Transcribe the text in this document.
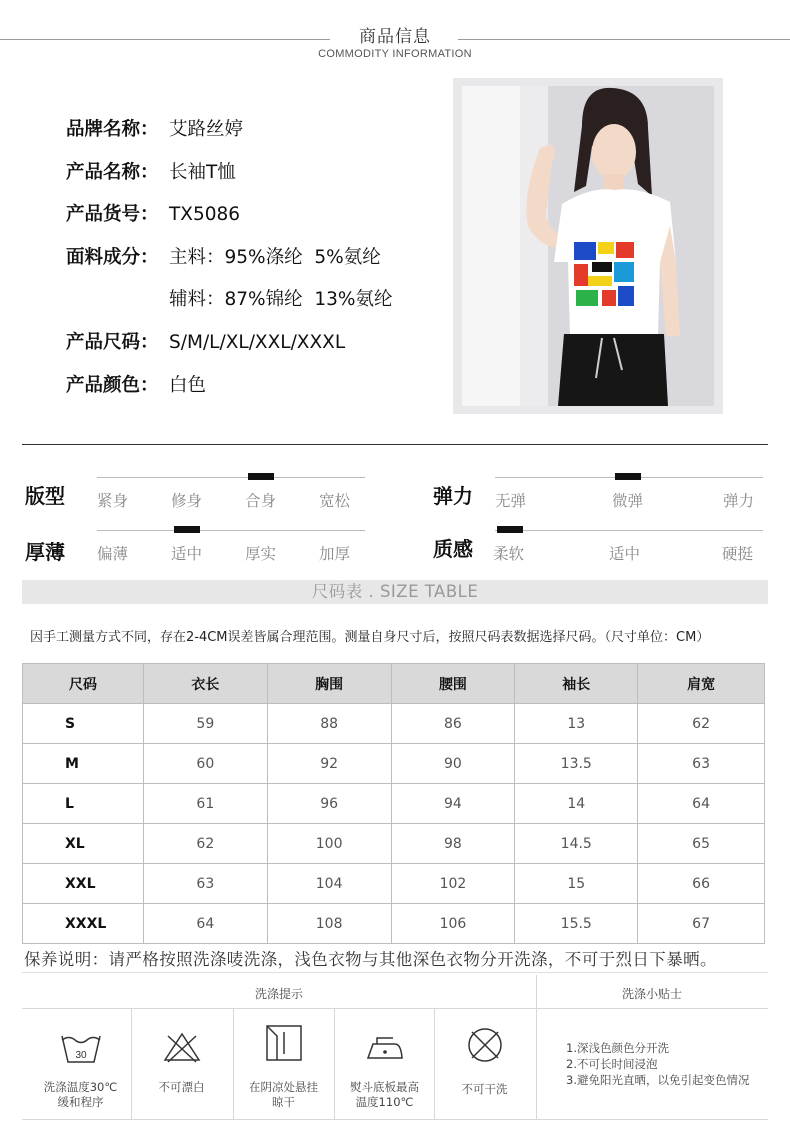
商品信息
COMMODITY INFORMATION
品牌名称： 艾路丝婷
产品名称： 长袖T恤
产品货号： TX5086
面料成分： 主料：95%涤纶  5%氨纶
辅料：87%锦纶  13%氨纶
产品尺码： S/M/L/XL/XXL/XXXL
产品颜色： 白色
版型 紧身	修身	合身	宽松
厚薄 偏薄	适中	厚实	加厚
弹力 无弹	微弹	弹力
质感 柔软	适中	硬挺
尺码表 . SIZE TABLE
因手工测量方式不同，存在2-4CM误差皆属合理范围。测量自身尺寸后，按照尺码表数据选择尺码。（尺寸单位：CM）
尺码	衣长	胸围	腰围	袖长	肩宽
S	59	88	86	13	62
M	60	92	90	13.5	63
L	61	96	94	14	64
XL	62	100	98	14.5	65
XXL	63	104	102	15	66
XXXL	64	108	106	15.5	67
保养说明：请严格按照洗涤唛洗涤，浅色衣物与其他深色衣物分开洗涤，不可于烈日下暴晒。
洗涤提示	洗涤小贴士
30
洗涤温度30℃
缓和程序
不可漂白	在阴凉处悬挂
晾干
熨斗底板最高
温度110℃
不可干洗
1.深浅色颜色分开洗
2.不可长时间浸泡
3.避免阳光直晒，以免引起变色情况
